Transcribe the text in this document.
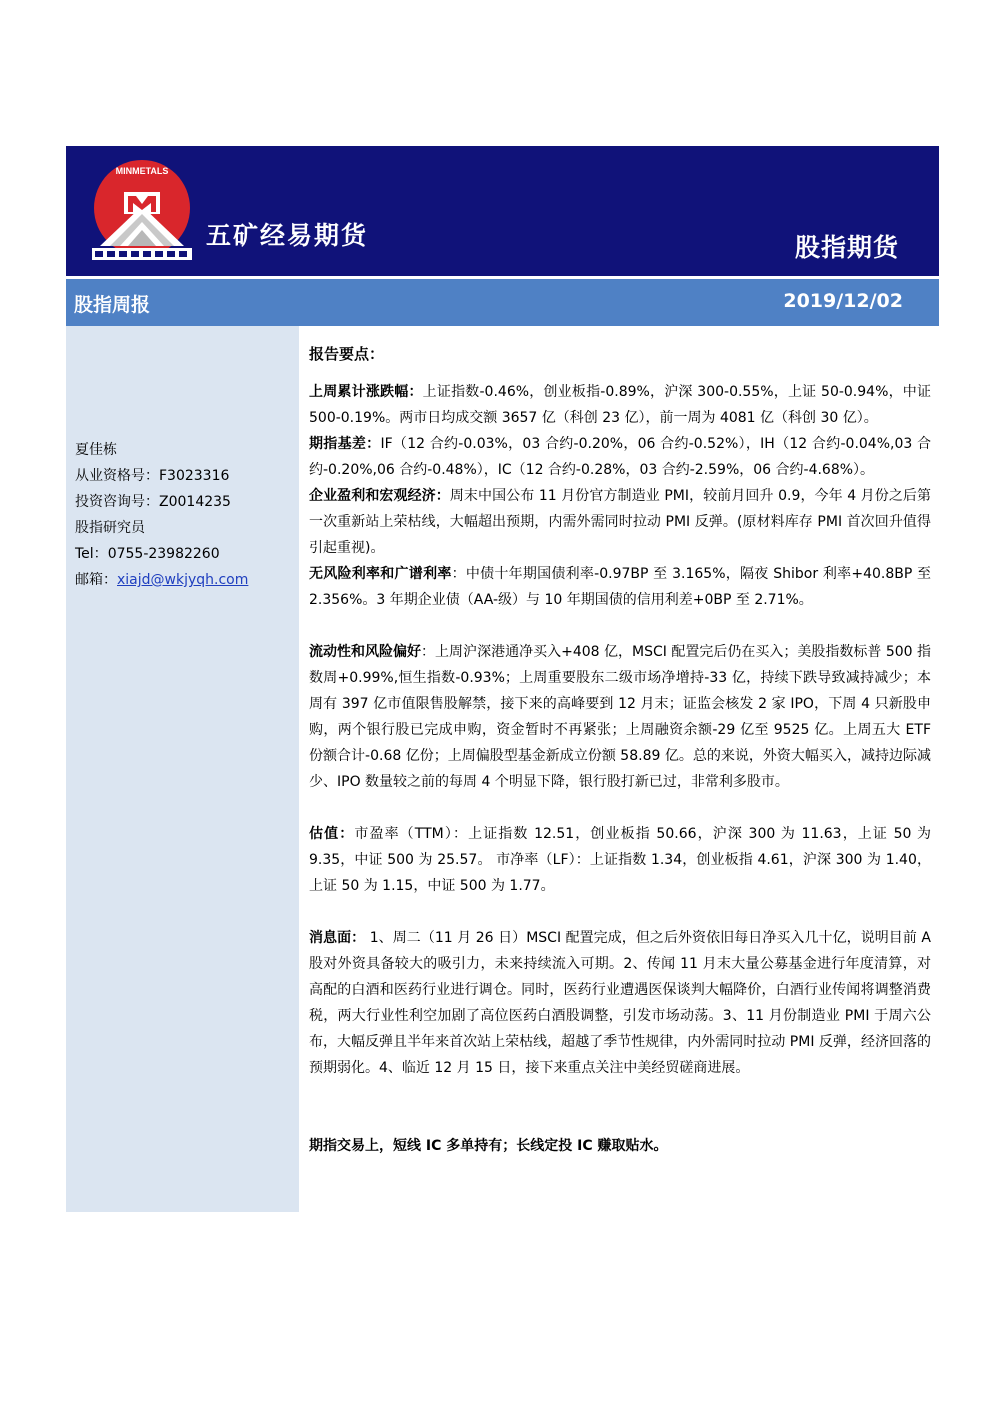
MINMETALS
五矿经易期货	股指期货
股指周报	2019/12/02
夏佳栋
从业资格号：F3023316
投资咨询号：Z0014235
股指研究员
Tel：0755-23982260
邮箱：xiajd@wkjyqh.com

报告要点：

上周累计涨跌幅：上证指数-0.46%，创业板指-0.89%，沪深 300-0.55%，上证 50-0.94%，中证 500-0.19%。两市日均成交额 3657 亿（科创 23 亿），前一周为 4081 亿（科创 30 亿）。

期指基差：IF（12 合约-0.03%，03 合约-0.20%，06 合约-0.52%），IH（12 合约-0.04%,03 合约-0.20%,06 合约-0.48%），IC（12 合约-0.28%，03 合约-2.59%，06 合约-4.68%）。

企业盈利和宏观经济：周末中国公布 11 月份官方制造业 PMI，较前月回升 0.9，今年 4 月份之后第一次重新站上荣枯线，大幅超出预期，内需外需同时拉动 PMI 反弹。(原材料库存 PMI 首次回升值得引起重视)。

无风险利率和广谱利率：中债十年期国债利率-0.97BP 至 3.165%，隔夜 Shibor 利率+40.8BP 至 2.356%。3 年期企业债（AA-级）与 10 年期国债的信用利差+0BP 至 2.71%。

流动性和风险偏好：上周沪深港通净买入+408 亿，MSCI 配置完后仍在买入；美股指数标普 500 指数周+0.99%,恒生指数-0.93%；上周重要股东二级市场净增持-33 亿，持续下跌导致减持减少；本周有 397 亿市值限售股解禁，接下来的高峰要到 12 月末；证监会核发 2 家 IPO，下周 4 只新股申购，两个银行股已完成申购，资金暂时不再紧张；上周融资余额-29 亿至 9525 亿。上周五大 ETF 份额合计-0.68 亿份；上周偏股型基金新成立份额 58.89 亿。总的来说，外资大幅买入，减持边际减少、IPO 数量较之前的每周 4 个明显下降，银行股打新已过，非常利多股市。

估值：市盈率（TTM）：上证指数 12.51，创业板指 50.66，沪深 300 为 11.63，上证 50 为 9.35，中证 500 为 25.57。 市净率（LF）：上证指数 1.34，创业板指 4.61，沪深 300 为 1.40，上证 50 为 1.15，中证 500 为 1.77。

消息面： 1、周二（11 月 26 日）MSCI 配置完成，但之后外资依旧每日净买入几十亿，说明目前 A 股对外资具备较大的吸引力，未来持续流入可期。2、传闻 11 月末大量公募基金进行年度清算，对高配的白酒和医药行业进行调仓。同时，医药行业遭遇医保谈判大幅降价，白酒行业传闻将调整消费税，两大行业性利空加剧了高位医药白酒股调整，引发市场动荡。3、11 月份制造业 PMI 于周六公布，大幅反弹且半年来首次站上荣枯线，超越了季节性规律，内外需同时拉动 PMI 反弹，经济回落的预期弱化。4、临近 12 月 15 日，接下来重点关注中美经贸磋商进展。

期指交易上，短线 IC 多单持有；长线定投 IC 赚取贴水。
